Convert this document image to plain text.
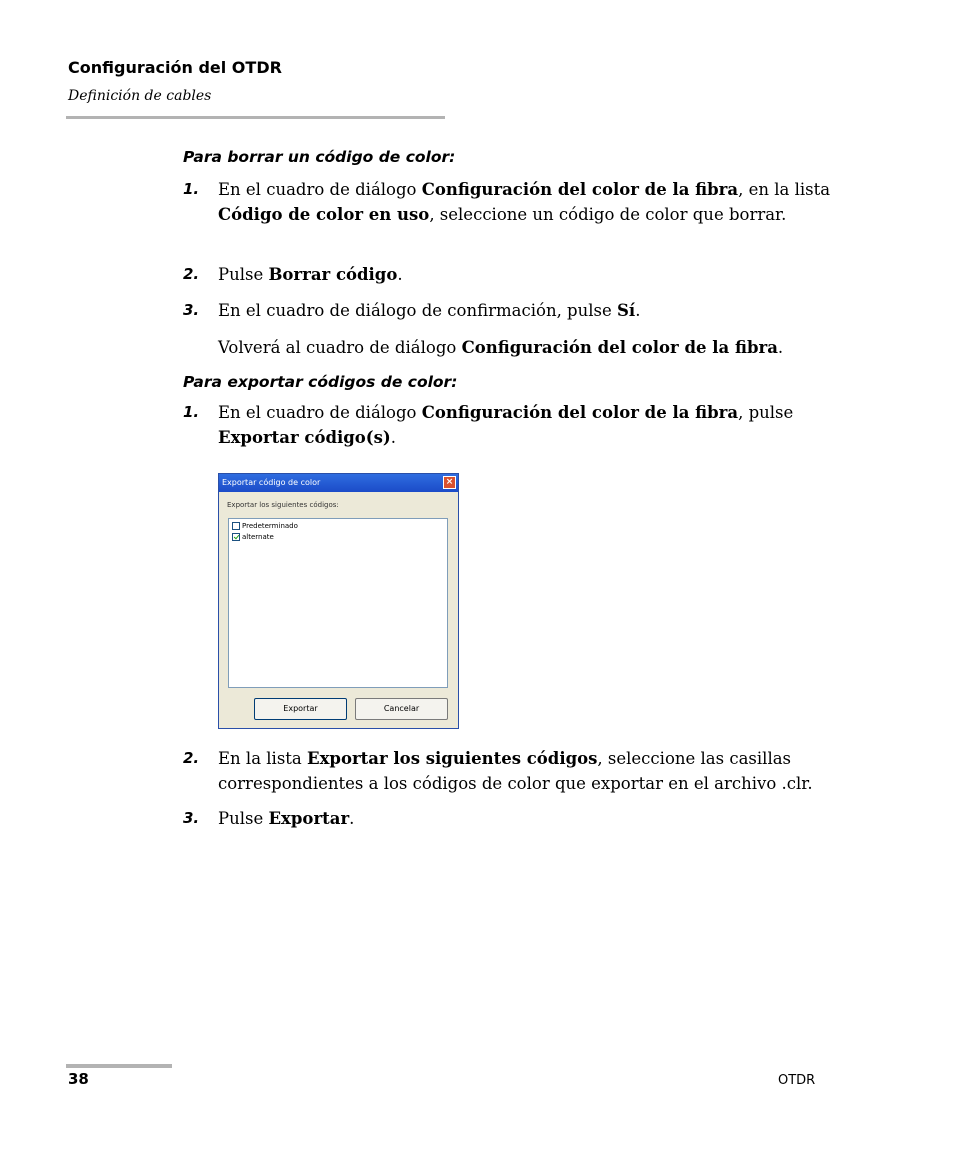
Configuración del OTDR
Definición de cables
Para borrar un código de color:
1. En el cuadro de diálogo Configuración del color de la fibra, en la lista Código de color en uso, seleccione un código de color que borrar.
2. Pulse Borrar código.
3. En el cuadro de diálogo de confirmación, pulse Sí.
Volverá al cuadro de diálogo Configuración del color de la fibra.
Para exportar códigos de color:
1. En el cuadro de diálogo Configuración del color de la fibra, pulse Exportar código(s).
Exportar código de color	×
Exportar los siguientes códigos:
Predeterminado
alternate
Exportar	Cancelar
2. En la lista Exportar los siguientes códigos, seleccione las casillas correspondientes a los códigos de color que exportar en el archivo .clr.
3. Pulse Exportar.
38	OTDR
